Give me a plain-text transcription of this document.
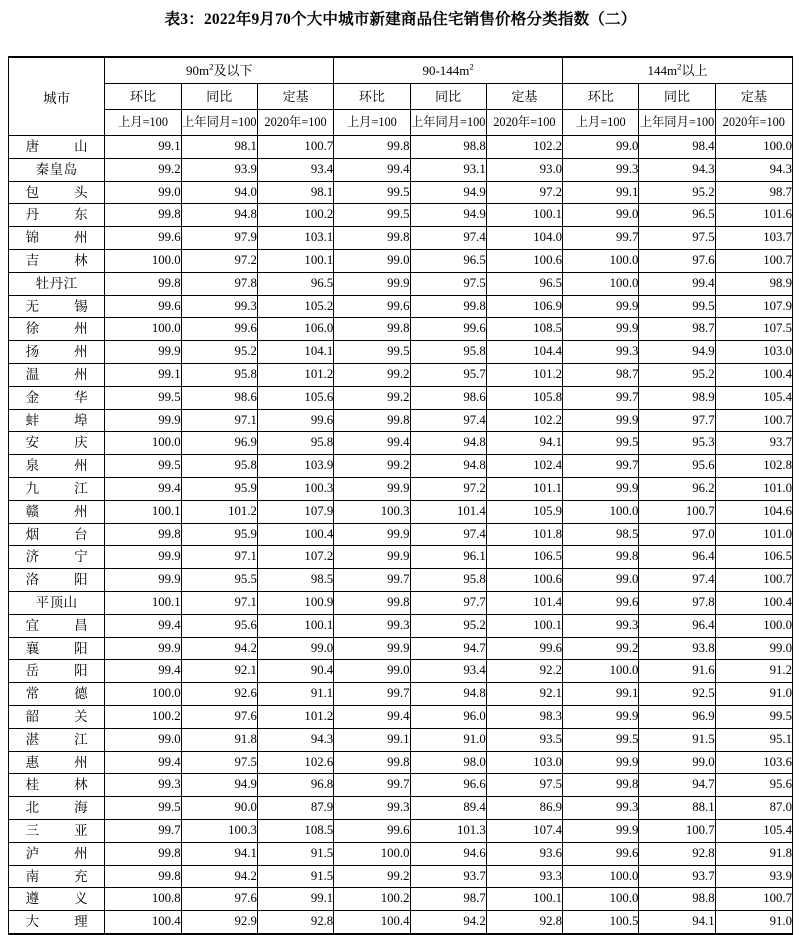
表3：2022年9月70个大中城市新建商品住宅销售价格分类指数（二）
城市	$90m^2$及以下			$90-144m^2$			$144m^2$以上		
	环比	同比	定基	环比	同比	定基	环比	同比	定基
	上月=100	上年同月=100	2020年=100	上月=100	上年同月=100	2020年=100	上月=100	上年同月=100	2020年=100
唐山	99.1	98.1	100.7	99.8	98.8	102.2	99.0	98.4	100.0
秦皇岛	99.2	93.9	93.4	99.4	93.1	93.0	99.3	94.3	94.3
包头	99.0	94.0	98.1	99.5	94.9	97.2	99.1	95.2	98.7
丹东	99.8	94.8	100.2	99.5	94.9	100.1	99.0	96.5	101.6
锦州	99.6	97.9	103.1	99.8	97.4	104.0	99.7	97.5	103.7
吉林	100.0	97.2	100.1	99.0	96.5	100.6	100.0	97.6	100.7
牡丹江	99.8	97.8	96.5	99.9	97.5	96.5	100.0	99.4	98.9
无锡	99.6	99.3	105.2	99.6	99.8	106.9	99.9	99.5	107.9
徐州	100.0	99.6	106.0	99.8	99.6	108.5	99.9	98.7	107.5
扬州	99.9	95.2	104.1	99.5	95.8	104.4	99.3	94.9	103.0
温州	99.1	95.8	101.2	99.2	95.7	101.2	98.7	95.2	100.4
金华	99.5	98.6	105.6	99.2	98.6	105.8	99.7	98.9	105.4
蚌埠	99.9	97.1	99.6	99.8	97.4	102.2	99.9	97.7	100.7
安庆	100.0	96.9	95.8	99.4	94.8	94.1	99.5	95.3	93.7
泉州	99.5	95.8	103.9	99.2	94.8	102.4	99.7	95.6	102.8
九江	99.4	95.9	100.3	99.9	97.2	101.1	99.9	96.2	101.0
赣州	100.1	101.2	107.9	100.3	101.4	105.9	100.0	100.7	104.6
烟台	99.8	95.9	100.4	99.9	97.4	101.8	98.5	97.0	101.0
济宁	99.9	97.1	107.2	99.9	96.1	106.5	99.8	96.4	106.5
洛阳	99.9	95.5	98.5	99.7	95.8	100.6	99.0	97.4	100.7
平顶山	100.1	97.1	100.9	99.8	97.7	101.4	99.6	97.8	100.4
宜昌	99.4	95.6	100.1	99.3	95.2	100.1	99.3	96.4	100.0
襄阳	99.9	94.2	99.0	99.9	94.7	99.6	99.2	93.8	99.0
岳阳	99.4	92.1	90.4	99.0	93.4	92.2	100.0	91.6	91.2
常德	100.0	92.6	91.1	99.7	94.8	92.1	99.1	92.5	91.0
韶关	100.2	97.6	101.2	99.4	96.0	98.3	99.9	96.9	99.5
湛江	99.0	91.8	94.3	99.1	91.0	93.5	99.5	91.5	95.1
惠州	99.4	97.5	102.6	99.8	98.0	103.0	99.9	99.0	103.6
桂林	99.3	94.9	96.8	99.7	96.6	97.5	99.8	94.7	95.6
北海	99.5	90.0	87.9	99.3	89.4	86.9	99.3	88.1	87.0
三亚	99.7	100.3	108.5	99.6	101.3	107.4	99.9	100.7	105.4
泸州	99.8	94.1	91.5	100.0	94.6	93.6	99.6	92.8	91.8
南充	99.8	94.2	91.5	99.2	93.7	93.3	100.0	93.7	93.9
遵义	100.8	97.6	99.1	100.2	98.7	100.1	100.0	98.8	100.7
大理	100.4	92.9	92.8	100.4	94.2	92.8	100.5	94.1	91.0
